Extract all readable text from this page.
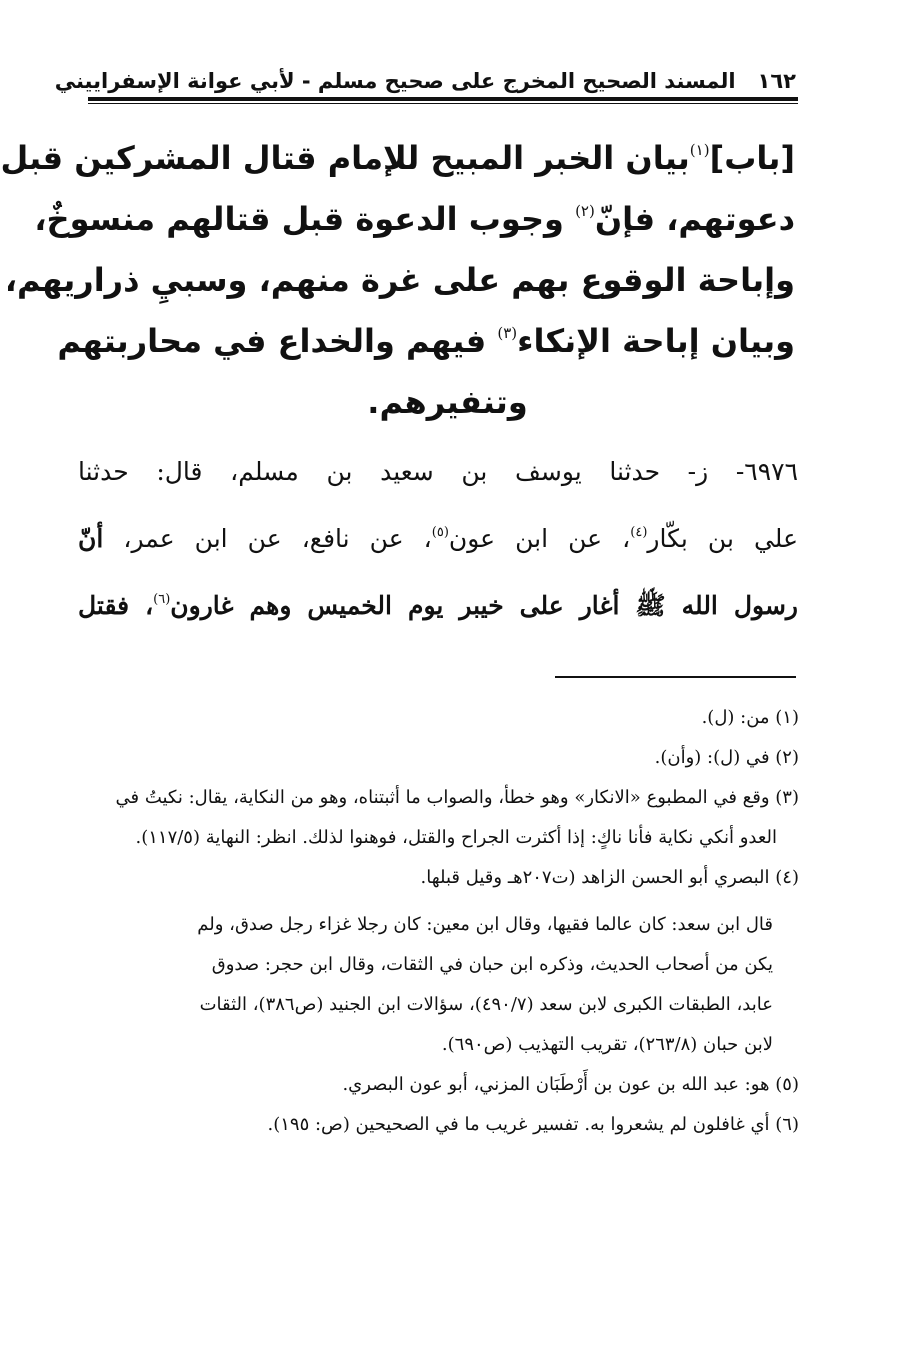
١٦٢
المسند الصحيح المخرج على صحيح مسلم - لأبي عوانة الإسفراييني
[باب]$^{(١)}$بيان الخبر المبيح للإمام قتال المشركين قبل
دعوتهم، فإنّ$^{(٢)}$ وجوب الدعوة قبل قتالهم منسوخٌ،
وإباحة الوقوع بهم على غرة منهم، وسبيِ ذراريهم،
وبيان إباحة الإنكاء$^{(٣)}$ فيهم والخداع في محاربتهم
وتنفيرهم.
٦٩٧٦- ز- حدثنا يوسف بن سعيد بن مسلم، قال: حدثنا
علي بن بكّار$^{(٤)}$، عن ابن عون$^{(٥)}$، عن نافع، عن ابن عمر، أنّ
رسول الله ﷺ أغار على خيبر يوم الخميس وهم غارون$^{(٦)}$، فقتل
(١) من: (ل).
(٢) في (ل): (وأن).
(٣) وقع في المطبوع «الانكار» وهو خطأ، والصواب ما أثبتناه، وهو من النكاية، يقال: نكيتُ في
العدو أنكي نكاية فأنا ناكٍ: إذا أكثرت الجراح والقتل، فوهنوا لذلك. انظر: النهاية (١١٧/٥).
(٤) البصري أبو الحسن الزاهد (ت٢٠٧هـ وقيل قبلها.
قال ابن سعد: كان عالما فقيها، وقال ابن معين: كان رجلا غزاء رجل صدق، ولم
يكن من أصحاب الحديث، وذكره ابن حبان في الثقات، وقال ابن حجر: صدوق
عابد، الطبقات الكبرى لابن سعد (٤٩٠/٧)، سؤالات ابن الجنيد (ص٣٨٦)، الثقات
لابن حبان (٢٦٣/٨)، تقريب التهذيب (ص٦٩٠).
(٥) هو: عبد الله بن عون بن أَرْطَبَان المزني، أبو عون البصري.
(٦) أي غافلون لم يشعروا به. تفسير غريب ما في الصحيحين (ص: ١٩٥).
